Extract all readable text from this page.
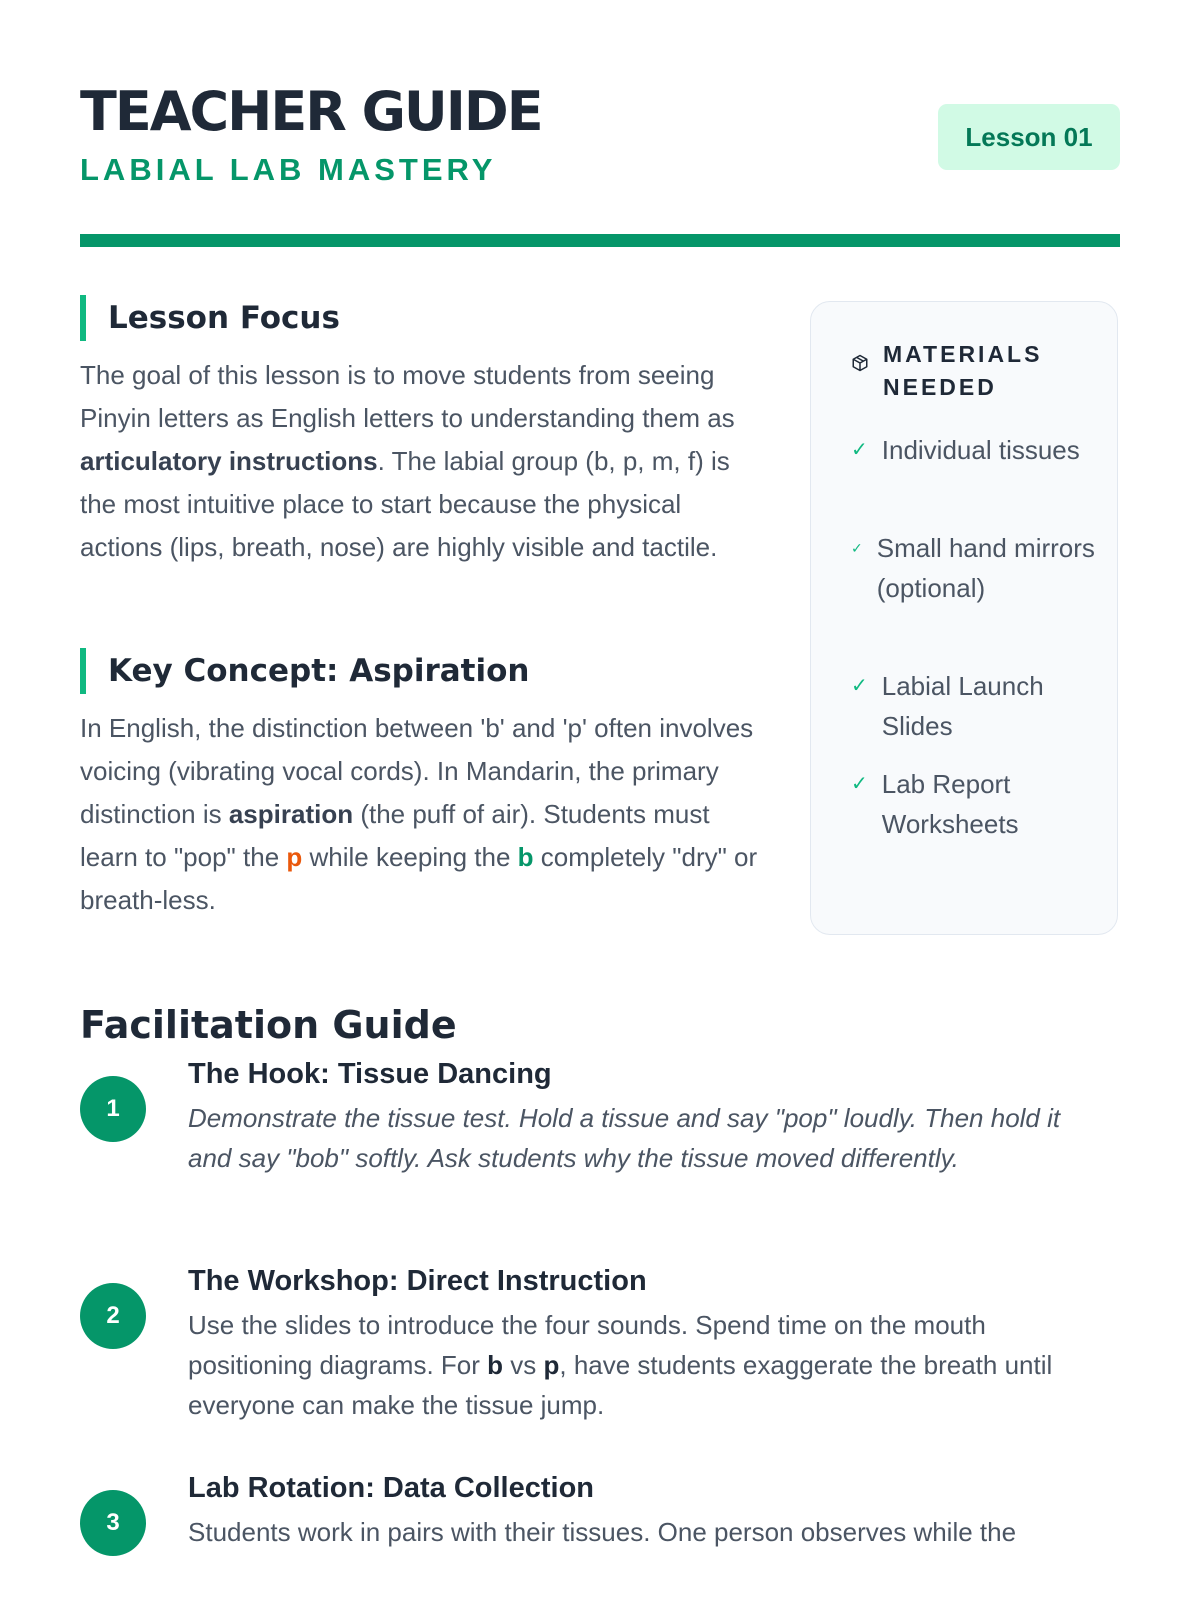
TEACHER GUIDE
LABIAL LAB MASTERY
Lesson 01
Lesson Focus

The goal of this lesson is to move students from seeing Pinyin letters as English letters to understanding them as articulatory instructions. The labial group (b, p, m, f) is the most intuitive place to start because the physical actions (lips, breath, nose) are highly visible and tactile.

Key Concept: Aspiration

In English, the distinction between 'b' and 'p' often involves voicing (vibrating vocal cords). In Mandarin, the primary distinction is aspiration (the puff of air). Students must learn to "pop" the p while keeping the b completely "dry" or breath-less.

MATERIALS NEEDED
✓ Individual tissues
✓ Small hand mirrors (optional)
✓ Labial Launch Slides
✓ Lab Report Worksheets
Facilitation Guide
1
The Hook: Tissue Dancing

Demonstrate the tissue test. Hold a tissue and say "pop" loudly. Then hold it and say "bob" softly. Ask students why the tissue moved differently.

2
The Workshop: Direct Instruction

Use the slides to introduce the four sounds. Spend time on the mouth positioning diagrams. For b vs p, have students exaggerate the breath until everyone can make the tissue jump.

3
Lab Rotation: Data Collection

Students work in pairs with their tissues. One person observes while the
